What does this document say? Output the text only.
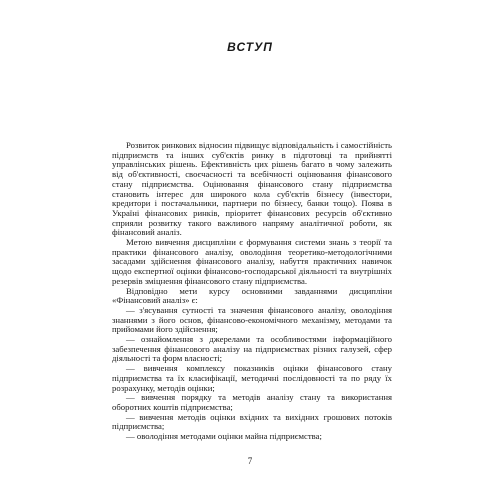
ВСТУП

Розвиток ринкових відносин підвищує відповідальність і самостійність підприємств та інших суб'єктів ринку в підготовці та прийнятті управлінських рішень. Ефективність цих рішень багато в чому залежить від об'єктивності, своєчасності та всебічності оцінювання фінансового стану підприємства. Оцінювання фінансового стану підприємства становить інтерес для широкого кола суб'єктів бізнесу (інвестори, кредитори і постачальники, партнери по бізнесу, банки тощо). Поява в Україні фінансових ринків, пріоритет фінансових ресурсів об'єктивно сприяли розвитку такого важливого напряму аналітичної роботи, як фінансовий аналіз.

Метою вивчення дисципліни є формування системи знань з теорії та практики фінансового аналізу, оволодіння теоретико-методологічними засадами здійснення фінансового аналізу, набуття практичних навичок щодо експертної оцінки фінансово-господарської діяльності та внутрішніх резервів зміцнення фінансового стану підприємства.

Відповідно мети курсу основними завданнями дисципліни «Фінансовий аналіз» є:

— з'ясування сутності та значення фінансового аналізу, оволодіння знаннями з його основ, фінансово-економічного механізму, методами та прийомами його здійснення;

— ознайомлення з джерелами та особливостями інформаційного забезпечення фінансового аналізу на підприємствах різних галузей, сфер діяльності та форм власності;

— вивчення комплексу показників оцінки фінансового стану підприємства та їх класифікації, методичні послідовності та по ряду їх розрахунку, методів оцінки;

— вивчення порядку та методів аналізу стану та використання оборотних коштів підприємства;

— вивчення методів оцінки вхідних та вихідних грошових потоків підприємства;

— оволодіння методами оцінки майна підприємства;

7
